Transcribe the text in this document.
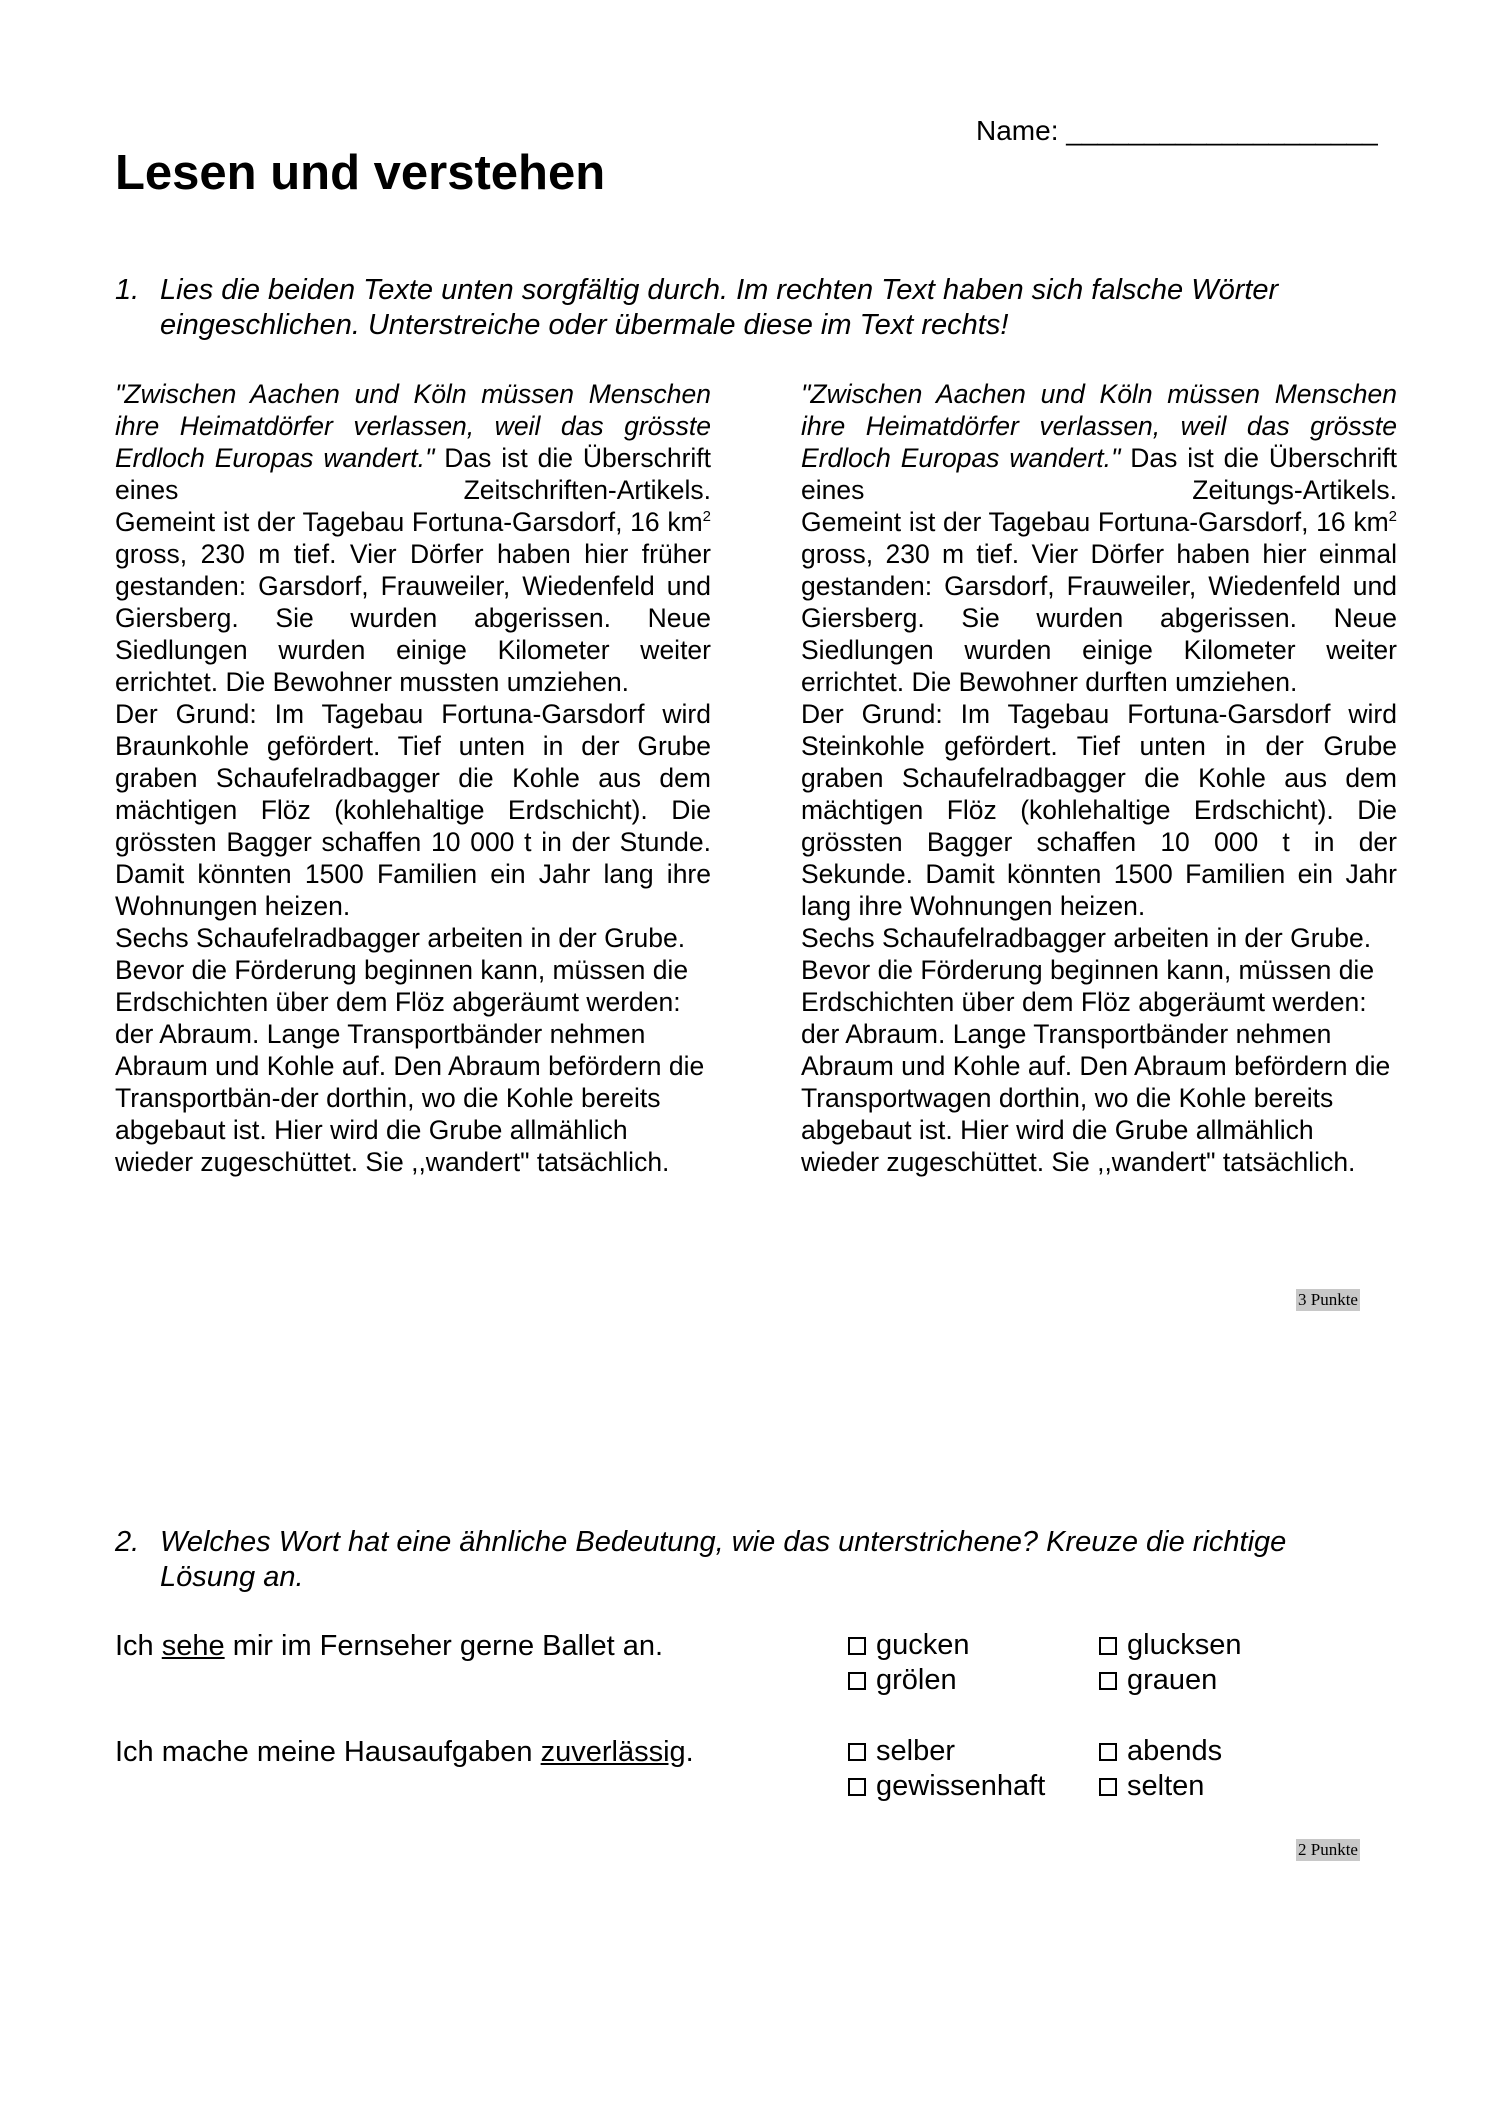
Name: ____________________
Lesen und verstehen
1. Lies die beiden Texte unten sorgfältig durch. Im rechten Text haben sich falsche Wörter eingeschlichen. Unterstreiche oder übermale diese im Text rechts!

"Zwischen Aachen und Köln müssen Menschen ihre Heimatdörfer verlassen, weil das grösste Erdloch Europas wandert." Das ist die Überschrift eines Zeitschriften-Artikels.

Gemeint ist der Tagebau Fortuna-Garsdorf, 16 $km^2$ gross, 230 m tief. Vier Dörfer haben hier früher gestanden: Garsdorf, Frauweiler, Wiedenfeld und Giersberg. Sie wurden abgerissen. Neue Siedlungen wurden einige Kilometer weiter errichtet. Die Bewohner mussten umziehen.

Der Grund: Im Tagebau Fortuna-Garsdorf wird Braunkohle gefördert. Tief unten in der Grube graben Schaufelradbagger die Kohle aus dem mächtigen Flöz (kohlehaltige Erdschicht). Die grössten Bagger schaffen 10 000 t in der Stunde. Damit könnten 1500 Familien ein Jahr lang ihre Wohnungen heizen.

Sechs Schaufelradbagger arbeiten in der Grube. Bevor die Förderung beginnen kann, müssen die Erdschichten über dem Flöz abgeräumt werden: der Abraum. Lange Transportbänder nehmen Abraum und Kohle auf. Den Abraum befördern die Transportbän-der dorthin, wo die Kohle bereits abgebaut ist. Hier wird die Grube allmählich wieder zugeschüttet. Sie ,,wandert" tatsächlich.

"Zwischen Aachen und Köln müssen Menschen ihre Heimatdörfer verlassen, weil das grösste Erdloch Europas wandert." Das ist die Überschrift eines Zeitungs-Artikels.

Gemeint ist der Tagebau Fortuna-Garsdorf, 16 $km^2$ gross, 230 m tief. Vier Dörfer haben hier einmal gestanden: Garsdorf, Frauweiler, Wiedenfeld und Giersberg. Sie wurden abgerissen. Neue Siedlungen wurden einige Kilometer weiter errichtet. Die Bewohner durften umziehen.

Der Grund: Im Tagebau Fortuna-Garsdorf wird Steinkohle gefördert. Tief unten in der Grube graben Schaufelradbagger die Kohle aus dem mächtigen Flöz (kohlehaltige Erdschicht). Die grössten Bagger schaffen 10 000 t in der Sekunde. Damit könnten 1500 Familien ein Jahr lang ihre Wohnungen heizen.

Sechs Schaufelradbagger arbeiten in der Grube. Bevor die Förderung beginnen kann, müssen die Erdschichten über dem Flöz abgeräumt werden: der Abraum. Lange Transportbänder nehmen Abraum und Kohle auf. Den Abraum befördern die Transportwagen dorthin, wo die Kohle bereits abgebaut ist. Hier wird die Grube allmählich wieder zugeschüttet. Sie ,,wandert" tatsächlich.

3 Punkte
2. Welches Wort hat eine ähnliche Bedeutung, wie das unterstrichene? Kreuze die richtige Lösung an.
Ich sehe mir im Fernseher gerne Ballet an.	gucken
grölen
glucksen
grauen
Ich mache meine Hausaufgaben zuverlässig.	selber
gewissenhaft
abends
selten
2 Punkte
